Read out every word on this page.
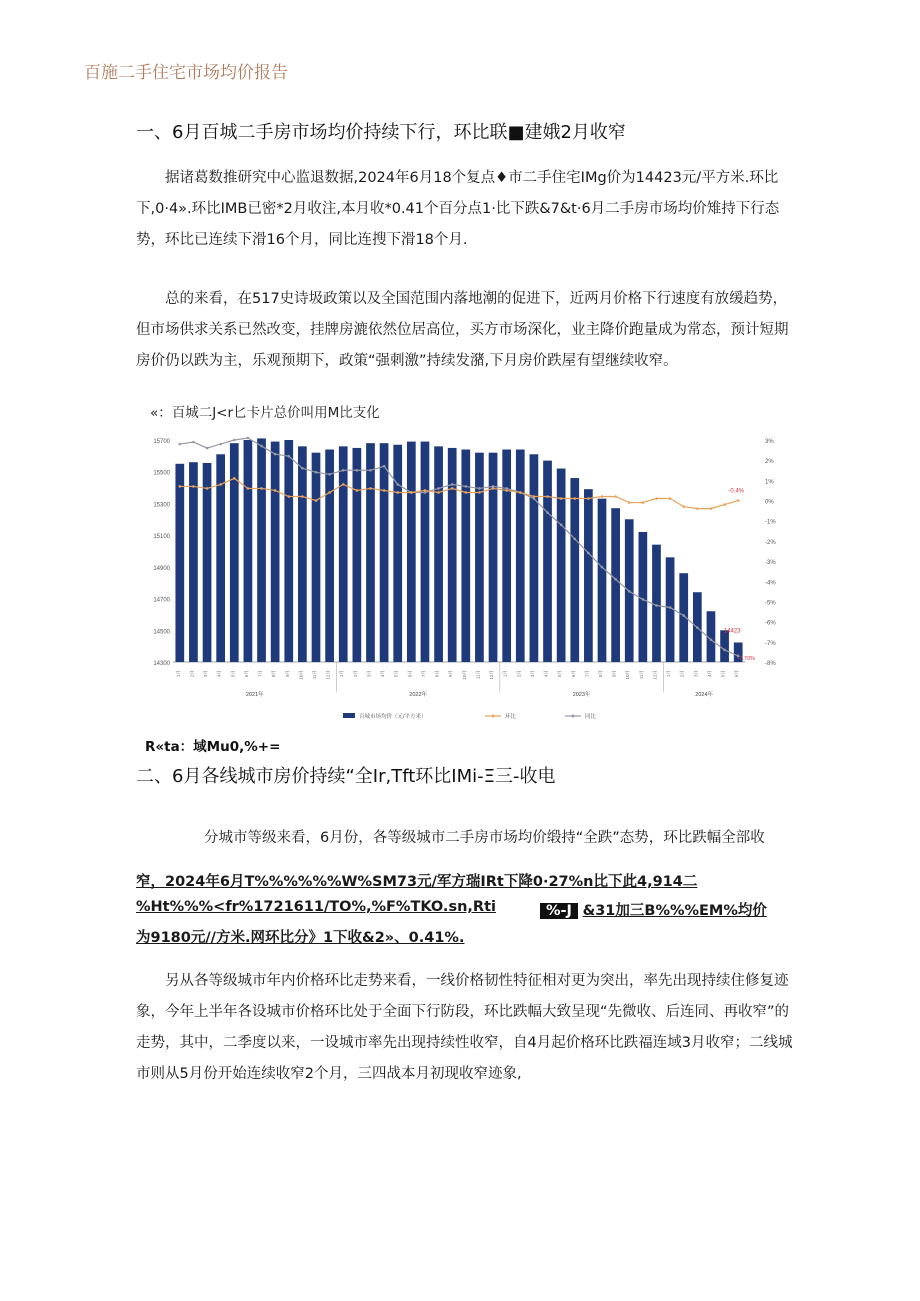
百施二手住宅市场均价报告
一、6月百城二手房市场均价持续下行，环比联■建娥2月收窄
据诸葛数推研究中心监退数据,2024年6月18个复点♦市二手住宅IMg价为14423元/平方米.环比下,0·4».环比IMB已密*2月收注,本月收*0.41个百分点1·比下跌&7&t·6月二手房市场均价雉持下行态势，环比已连续下滑16个月，同比连搜下滑18个月.
总的来看，在517史诗圾政策以及全国范围内落地潮的促进下，近两月价格下行速度有放缓趋势，但市场供求关系已然改变，挂牌房漉依然位居高位，买方市场深化，业主降价跑量成为常态，预计短期房价仍以跌为主，乐观预期下，政策“强刺激”持续发潴,下月房价跌屋有望继续收窄。
«：百城二J<r匕卡片总价叫用M比支化
14300
14500
14700
14900
15100
15300
15500
15700	3%
2%
1%
0%
-1%
-2%
-3%
-4%
-5%
-6%
-7%
-8%
1月 2月 3月 4月 5月 6月 7月 8月 9月 10月 11月 12月 1月 2月 3月 4月 5月 6月 7月 8月 9月 10月 11月 12月 1月 2月 3月 4月 5月 6月 7月 8月 9月 10月 11月 12月 1月 2月 3月 4月 5月 6月
2021年	2022年	2023年	2024年
-0.4%
14423
-7.70%
百城市场均价（元/平方米）	环比	同比
R«ta：域Mu0,%+=
二、6月各线城市房价持续“全Ir,Tft环比IMi-Ξ三-收电
分城市等级来看，6月份，各等级城市二手房市场均价缎持“全跌”态势，环比跌幅全部收
窄，2024年6月T%%%%%%W%SM73元/军方瑞IRt下降0·27%n比下此4,914二
%Ht%%%<fr%1721611/TO%,%F%TKO.sn,Rti	%-J &31加三B%%%EM%均价
为9180元//方米.网环比分》1下收&2»、0.41%.
另从各等级城市年内价格环比走势来看，一线价格韧性特征相对更为突出，率先出现持续住修复迹象，今年上半年各设城市价格环比处于全面下行防段，环比跌幅大致呈现“先微收、后连同、再收窄”的走势，其中，二季度以来，一设城市率先出现持续性收窄，自4月起价格环比跌福连域3月收窄；二线城市则从5月份开始连续收窄2个月，三四战本月初现收窄迹象,
